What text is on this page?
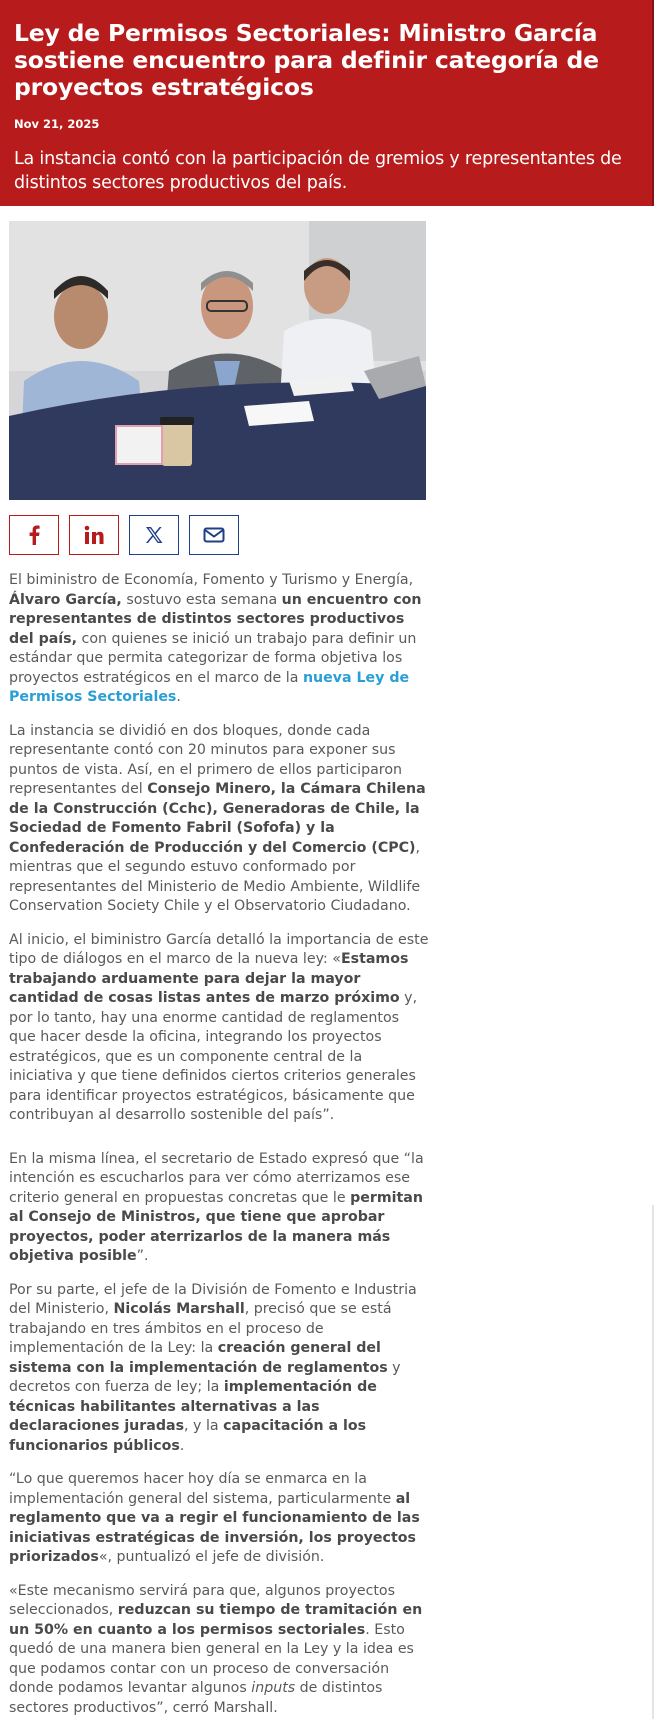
Ley de Permisos Sectoriales: Ministro García sostiene encuentro para definir categoría de proyectos estratégicos
Nov 21, 2025
La instancia contó con la participación de gremios y representantes de distintos sectores productivos del país.

El biministro de Economía, Fomento y Turismo y Energía, Álvaro García, sostuvo esta semana un encuentro con representantes de distintos sectores productivos del país, con quienes se inició un trabajo para definir un estándar que permita categorizar de forma objetiva los proyectos estratégicos en el marco de la nueva Ley de Permisos Sectoriales.

La instancia se dividió en dos bloques, donde cada representante contó con 20 minutos para exponer sus puntos de vista. Así, en el primero de ellos participaron representantes del Consejo Minero, la Cámara Chilena de la Construcción (Cchc), Generadoras de Chile, la Sociedad de Fomento Fabril (Sofofa) y la Confederación de Producción y del Comercio (CPC), mientras que el segundo estuvo conformado por representantes del Ministerio de Medio Ambiente, Wildlife Conservation Society Chile y el Observatorio Ciudadano.

Al inicio, el biministro García detalló la importancia de este tipo de diálogos en el marco de la nueva ley: «Estamos trabajando arduamente para dejar la mayor cantidad de cosas listas antes de marzo próximo y, por lo tanto, hay una enorme cantidad de reglamentos que hacer desde la oficina, integrando los proyectos estratégicos, que es un componente central de la iniciativa y que tiene definidos ciertos criterios generales para identificar proyectos estratégicos, básicamente que contribuyan al desarrollo sostenible del país”.

En la misma línea, el secretario de Estado expresó que “la intención es escucharlos para ver cómo aterrizamos ese criterio general en propuestas concretas que le permitan al Consejo de Ministros, que tiene que aprobar proyectos, poder aterrizarlos de la manera más objetiva posible”.

Por su parte, el jefe de la División de Fomento e Industria del Ministerio, Nicolás Marshall, precisó que se está trabajando en tres ámbitos en el proceso de implementación de la Ley: la creación general del sistema con la implementación de reglamentos y decretos con fuerza de ley; la implementación de técnicas habilitantes alternativas a las declaraciones juradas, y la capacitación a los funcionarios públicos.

“Lo que queremos hacer hoy día se enmarca en la implementación general del sistema, particularmente al reglamento que va a regir el funcionamiento de las iniciativas estratégicas de inversión, los proyectos priorizados«, puntualizó el jefe de división.

«Este mecanismo servirá para que, algunos proyectos seleccionados, reduzcan su tiempo de tramitación en un 50% en cuanto a los permisos sectoriales. Esto quedó de una manera bien general en la Ley y la idea es que podamos contar con un proceso de conversación donde podamos levantar algunos inputs de distintos sectores productivos”, cerró Marshall.
